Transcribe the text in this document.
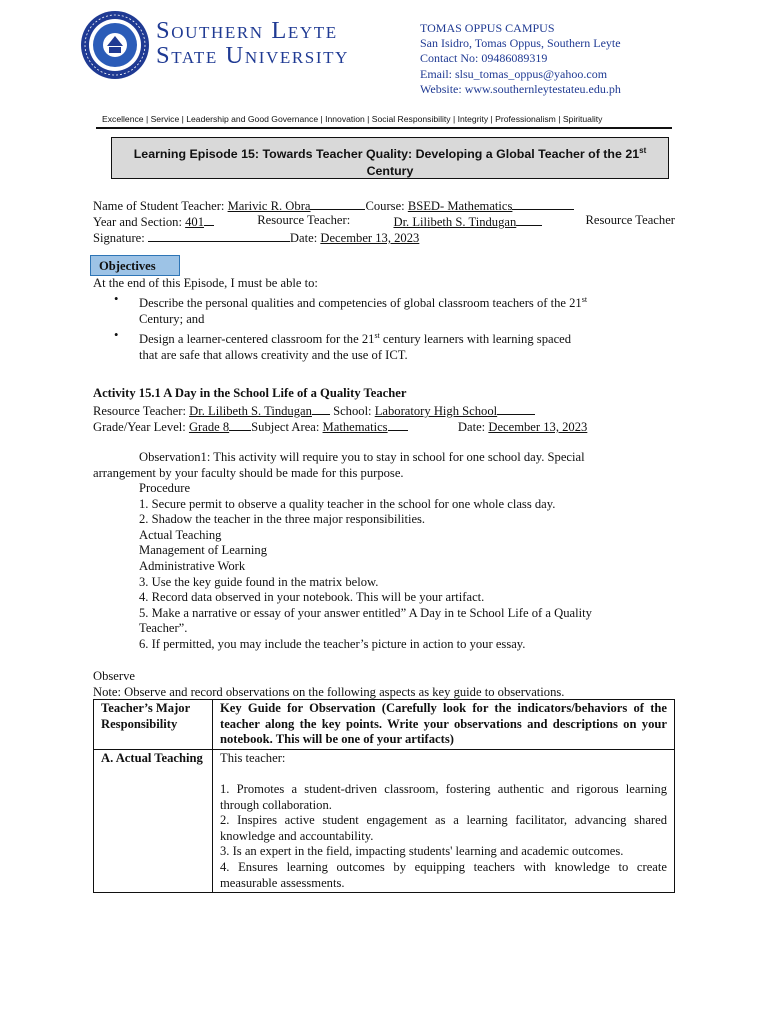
Southern Leyte
State University
TOMAS OPPUS CAMPUS
San Isidro, Tomas Oppus, Southern Leyte
Contact No: 09486089319
Email: slsu_tomas_oppus@yahoo.com
Website: www.southernleytestateu.edu.ph
Excellence | Service | Leadership and Good Governance | Innovation | Social Responsibility | Integrity | Professionalism | Spirituality
Learning Episode 15: Towards Teacher Quality: Developing a Global Teacher of the 21st Century
Name of Student Teacher: Marivic R. Obra	Course: BSED- Mathematics
Year and Section: 401	Resource Teacher:	Dr. Lilibeth S. Tindugan	Resource Teacher
Signature:	Date: December 13, 2023
Objectives
At the end of this Episode, I must be able to:
• Describe the personal qualities and competencies of global classroom teachers of the 21st
Century; and
• Design a learner-centered classroom for the 21st century learners with learning spaced
that are safe that allows creativity and the use of ICT.
Activity 15.1 A Day in the School Life of a Quality Teacher
Resource Teacher: Dr. Lilibeth S. Tindugan School: Laboratory High School
Grade/Year Level: Grade 8 Subject Area: Mathematics	Date: December 13, 2023
Observation1: This activity will require you to stay in school for one school day. Special
arrangement by your faculty should be made for this purpose.
Procedure
1. Secure permit to observe a quality teacher in the school for one whole class day.
2. Shadow the teacher in the three major responsibilities.
Actual Teaching
Management of Learning
Administrative Work
3. Use the key guide found in the matrix below.
4. Record data observed in your notebook. This will be your artifact.
5. Make a narrative or essay of your answer entitled” A Day in te School Life of a Quality
Teacher”.
6. If permitted, you may include the teacher’s picture in action to your essay.
Observe
Note: Observe and record observations on the following aspects as key guide to observations.
Teacher’s Major Responsibility	Key Guide for Observation (Carefully look for the indicators/behaviors of the teacher along the key points. Write your observations and descriptions on your notebook. This will be one of your artifacts)
A. Actual Teaching	This teacher:
1. Promotes a student-driven classroom, fostering authentic and rigorous learning through collaboration.
2. Inspires active student engagement as a learning facilitator, advancing shared knowledge and accountability.
3. Is an expert in the field, impacting students' learning and academic outcomes.
4. Ensures learning outcomes by equipping teachers with knowledge to create measurable assessments.
